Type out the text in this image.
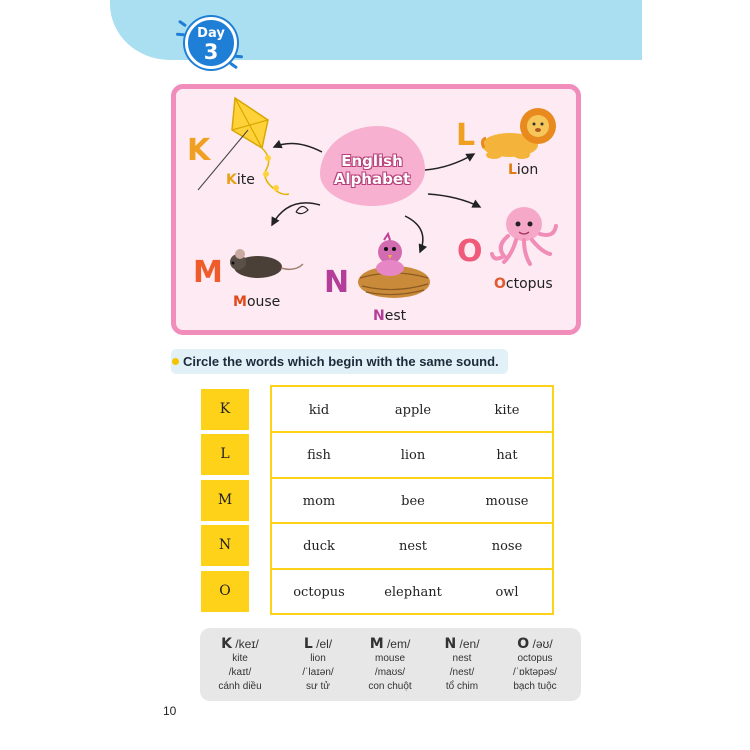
Day
3
English
Alphabet
K	L
M	N
O
Kite
Lion
Mouse
Nest
Octopus
Circle the words which begin with the same sound.
K
L
M
N
O
kid	apple	kite
fish	lion	hat
mom	bee	mouse
duck	nest	nose
octopus	elephant	owl
K /keɪ/
kite
/kaɪt/
cánh diều
L /el/
lion
/ˈlaɪən/
sư tử
M /em/
mouse
/maʊs/
con chuột
N /en/
nest
/nest/
tổ chim
O /əʊ/
octopus
/ˈɒktəpəs/
bạch tuộc
10
